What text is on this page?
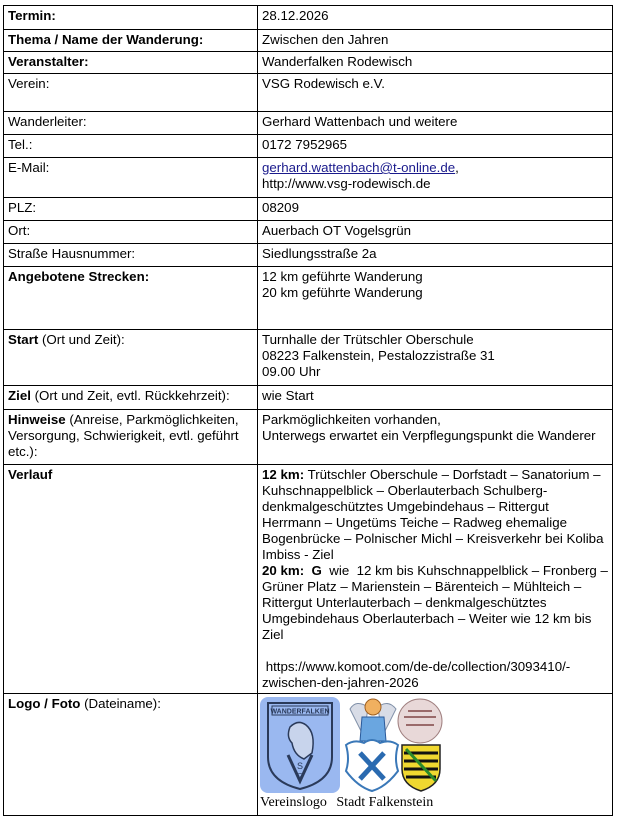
Termin:	28.12.2026
Thema / Name der Wanderung:	Zwischen den Jahren
Veranstalter:	Wanderfalken Rodewisch
Verein:	VSG Rodewisch e.V.
Wanderleiter:	Gerhard Wattenbach und weitere
Tel.:	0172 7952965
E-Mail:	gerhard.wattenbach@t-online.de,
http://www.vsg-rodewisch.de

PLZ:	08209
Ort:	Auerbach OT Vogelsgrün
Straße Hausnummer:	Siedlungsstraße 2a
Angebotene Strecken:	12 km geführte Wanderung
20 km geführte Wanderung

Start (Ort und Zeit):	Turnhalle der Trütschler Oberschule
08223 Falkenstein, Pestalozzistraße 31
09.00 Uhr

Ziel (Ort und Zeit, evtl. Rückkehrzeit):	wie Start
Hinweise (Anreise, Parkmöglichkeiten, Versorgung, Schwierigkeit, evtl. geführt etc.):	Parkmöglichkeiten vorhanden,
Unterwegs erwartet ein Verpflegungspunkt die Wanderer

Verlauf	12 km: Trütschler Oberschule – Dorfstadt – Sanatorium – Kuhschnappelblick – Oberlauterbach Schulberg-denkmalgeschütztes Umgebindehaus – Rittergut Herrmann – Ungetüms Teiche – Radweg ehemalige Bogenbrücke – Polnischer Michl – Kreisverkehr bei Koliba Imbiss - Ziel
20 km:  G  wie  12 km bis Kuhschnappelblick – Fronberg – Grüner Platz – Marienstein – Bärenteich – Mühlteich – Rittergut Unterlauterbach – denkmalgeschütztes Umgebindehaus Oberlauterbach – Weiter wie 12 km bis Ziel
https://www.komoot.com/de-de/collection/3093410/-zwischen-den-jahren-2026

Logo / Foto (Dateiname):	WANDERFALKEN
S
G
Vereinslogo Stadt Falkenstein
